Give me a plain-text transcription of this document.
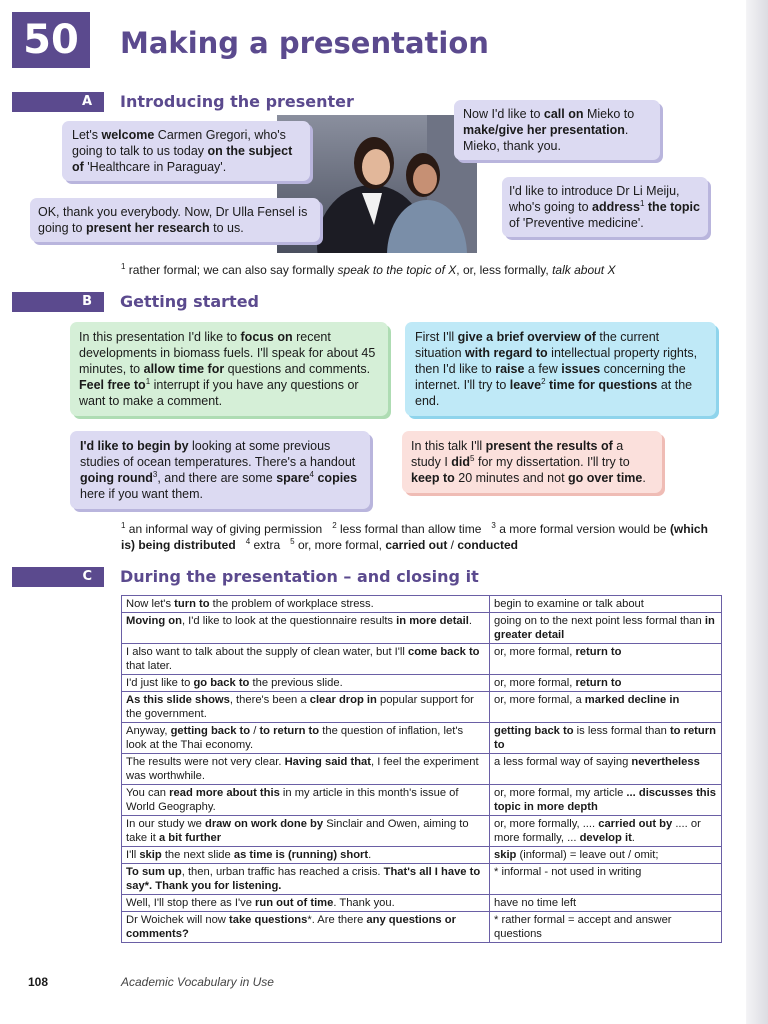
50	Making a presentation
A	Introducing the presenter
Let's welcome Carmen Gregori, who's going to talk to us today on the subject of 'Healthcare in Paraguay'.
OK, thank you everybody. Now, Dr Ulla Fensel is going to present her research to us.
Now I'd like to call on Mieko to make/give her presentation. Mieko, thank you.
I'd like to introduce Dr Li Meiju, who's going to address$^1$ the topic of 'Preventive medicine'.
$^1$ rather formal; we can also say formally speak to the topic of X, or, less formally, talk about X
B	Getting started
In this presentation I'd like to focus on recent developments in biomass fuels. I'll speak for about 45 minutes, to allow time for questions and comments. Feel free $to^1$ interrupt if you have any questions or want to make a comment.
First I'll give a brief overview of the current situation with regard to intellectual property rights, then I'd like to raise a few issues concerning the internet. I'll try to leave$^2$ time for questions at the end.
I'd like to begin by looking at some previous studies of ocean temperatures. There's a handout going round$^3$, and there are some spare$^4$ copies here if you want them.
In this talk I'll present the results of a study I did$^5$ for my dissertation. I'll try to keep to 20 minutes and not go over time.
$^1$ an informal way of giving permission   $^2$ less formal than allow time   $^3$ a more formal version would be (which is) being distributed $^4$ extra   $^5$ or, more formal, carried out / conducted
C	During the presentation – and closing it
Now let's turn to the problem of workplace stress.	begin to examine or talk about
Moving on, I'd like to look at the questionnaire results in more detail.	going on to the next point less formal than in greater detail
I also want to talk about the supply of clean water, but I'll come back to that later.	or, more formal, return to
I'd just like to go back to the previous slide.	or, more formal, return to
As this slide shows, there's been a clear drop in popular support for the government.	or, more formal, a marked decline in
Anyway, getting back to / to return to the question of inflation, let's look at the Thai economy.	getting back to is less formal than to return to
The results were not very clear. Having said that, I feel the experiment was worthwhile.	a less formal way of saying nevertheless
You can read more about this in my article in this month's issue of World Geography.	or, more formal, my article ... discusses this topic in more depth
In our study we draw on work done by Sinclair and Owen, aiming to take it a bit further	or, more formally, .... carried out by .... or more formally, ... develop it.
I'll skip the next slide as time is (running) short.	skip (informal) = leave out / omit;
To sum up, then, urban traffic has reached a crisis. That's all I have to say*. Thank you for listening.	* informal - not used in writing
Well, I'll stop there as I've run out of time. Thank you.	have no time left
Dr Woichek will now take questions*. Are there any questions or comments?	* rather formal = accept and answer questions
108	Academic Vocabulary in Use
